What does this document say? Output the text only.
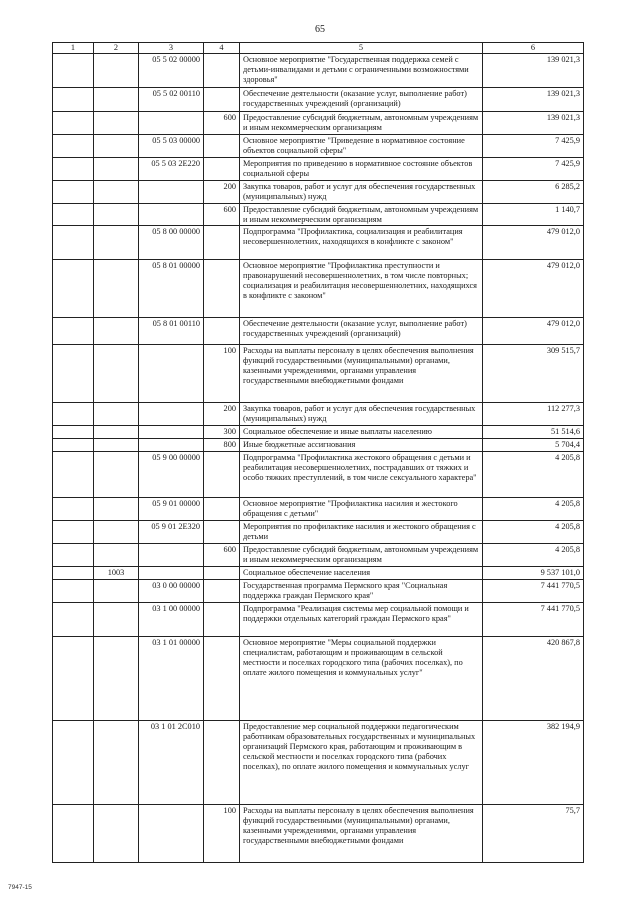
65
1	2	3	4	5	6
		05 5 02 00000		Основное мероприятие "Государственная поддержка семей с детьми-инвалидами и детьми с ограниченными возможностями здоровья"	139 021,3
		05 5 02 00110		Обеспечение деятельности (оказание услуг, выполнение работ) государственных учреждений (организаций)	139 021,3
			600	Предоставление субсидий бюджетным, автономным учреждениям и иным некоммерческим организациям	139 021,3
		05 5 03 00000		Основное мероприятие "Приведение в нормативное состояние объектов социальной сферы"	7 425,9
		05 5 03 2Е220		Мероприятия по приведению в нормативное состояние объектов социальной сферы	7 425,9
			200	Закупка товаров, работ и услуг для обеспечения государственных (муниципальных) нужд	6 285,2
			600	Предоставление субсидий бюджетным, автономным учреждениям и иным некоммерческим организациям	1 140,7
		05 8 00 00000		Подпрограмма "Профилактика, социализация и реабилитация несовершеннолетних, находящихся в конфликте с законом"	479 012,0
		05 8 01 00000		Основное мероприятие "Профилактика преступности и правонарушений несовершеннолетних, в том числе повторных; социализация и реабилитация несовершеннолетних, находящихся в конфликте с законом"	479 012,0
		05 8 01 00110		Обеспечение деятельности (оказание услуг, выполнение работ) государственных учреждений (организаций)	479 012,0
			100	Расходы на выплаты персоналу в целях обеспечения выполнения функций государственными (муниципальными) органами, казенными учреждениями, органами управления государственными внебюджетными фондами	309 515,7
			200	Закупка товаров, работ и услуг для обеспечения государственных (муниципальных) нужд	112 277,3
			300	Социальное обеспечение и иные выплаты населению	51 514,6
			800	Иные бюджетные ассигнования	5 704,4
		05 9 00 00000		Подпрограмма "Профилактика жестокого обращения с детьми и реабилитация несовершеннолетних, пострадавших от тяжких и особо тяжких преступлений, в том числе сексуального характера"	4 205,8
		05 9 01 00000		Основное мероприятие "Профилактика насилия и жестокого обращения с детьми"	4 205,8
		05 9 01 2Е320		Мероприятия по профилактике насилия и жестокого обращения с детьми	4 205,8
			600	Предоставление субсидий бюджетным, автономным учреждениям и иным некоммерческим организациям	4 205,8
	1003			Социальное обеспечение населения	9 537 101,0
		03 0 00 00000		Государственная программа Пермского края "Социальная поддержка граждан Пермского края"	7 441 770,5
		03 1 00 00000		Подпрограмма "Реализация системы мер социальной помощи и поддержки отдельных категорий граждан Пермского края"	7 441 770,5
		03 1 01 00000		Основное мероприятие "Меры социальной поддержки специалистам, работающим и проживающим в сельской местности и поселках городского типа (рабочих поселках), по оплате жилого помещения и коммунальных услуг"	420 867,8
		03 1 01 2С010		Предоставление мер социальной поддержки педагогическим работникам образовательных государственных и муниципальных организаций Пермского края, работающим и проживающим в сельской местности и поселках городского типа (рабочих поселках), по оплате жилого помещения и коммунальных услуг	382 194,9
			100	Расходы на выплаты персоналу в целях обеспечения выполнения функций государственными (муниципальными) органами, казенными учреждениями, органами управления государственными внебюджетными фондами	75,7
7947-15
